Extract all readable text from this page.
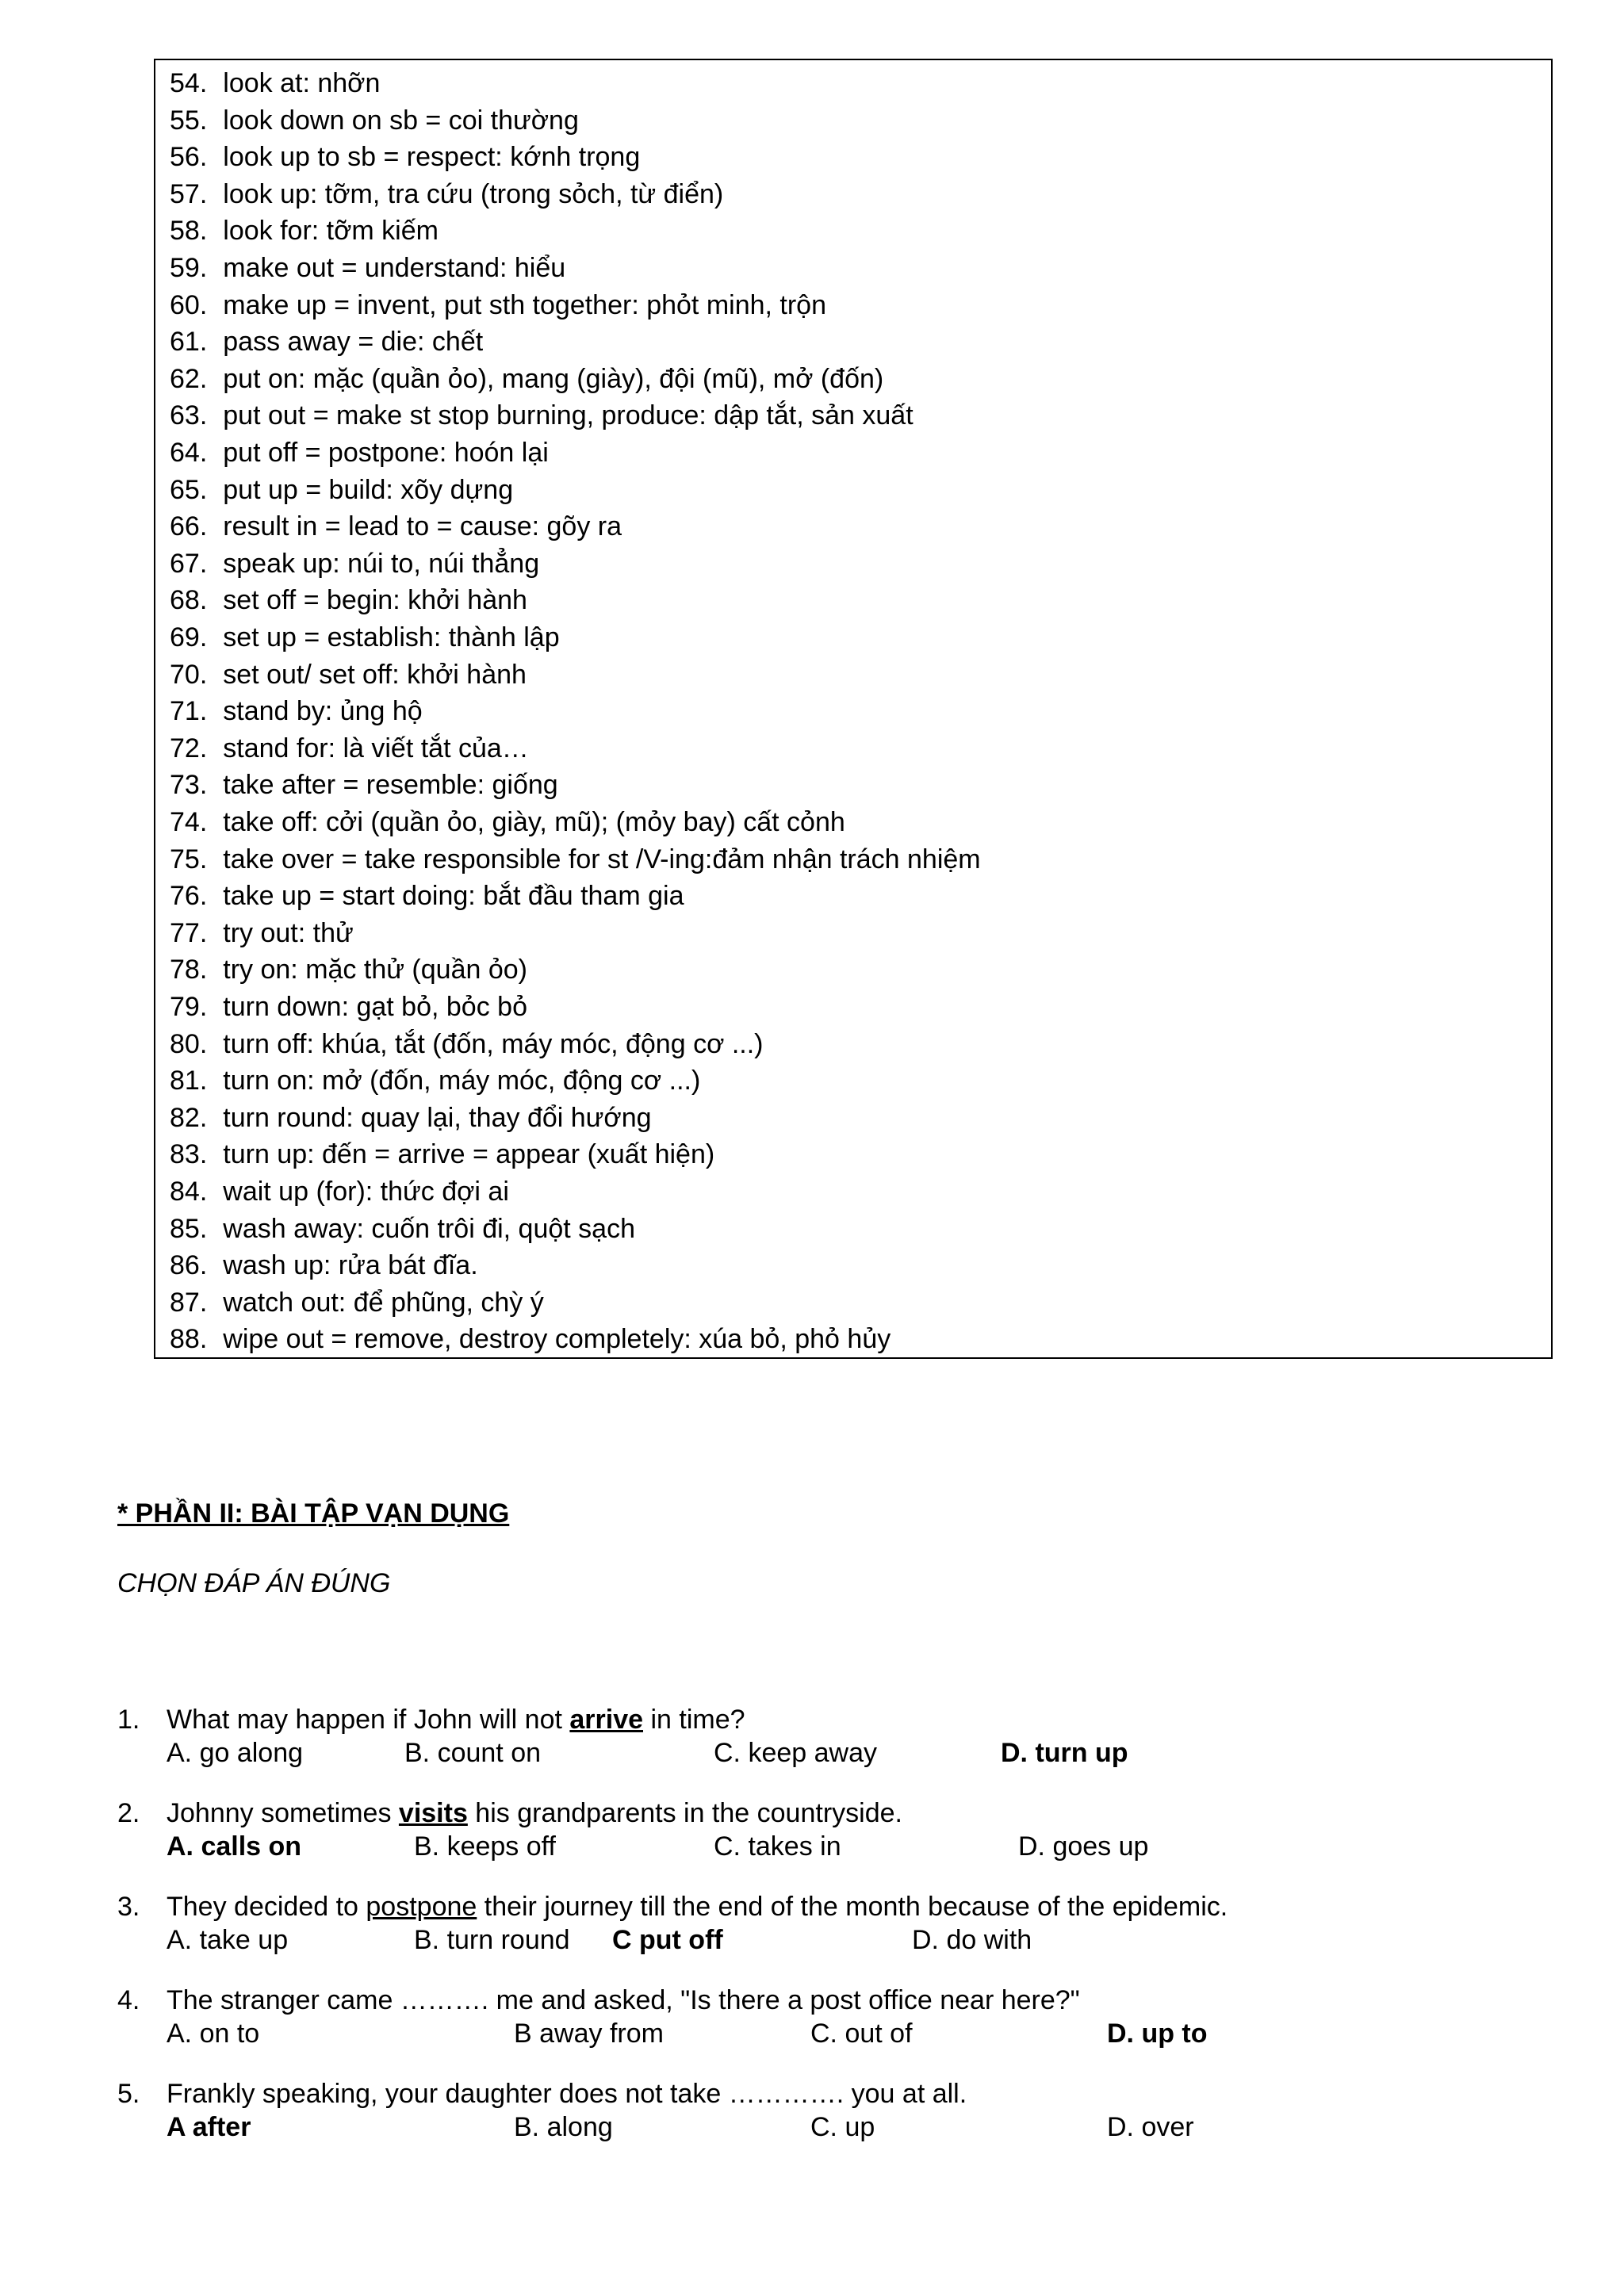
54. look at: nhỡn
55. look down on sb = coi thường
56. look up to sb = respect: kớnh trọng
57. look up: tỡm, tra cứu (trong sỏch, từ điển)
58. look for: tỡm kiếm
59. make out = understand: hiểu
60. make up = invent, put sth together: phỏt minh, trộn
61. pass away = die: chết
62. put on: mặc (quần ỏo), mang (giày), đội (mũ), mở (đốn)
63. put out = make st stop burning, produce: dập tắt, sản xuất
64. put off = postpone: hoón lại
65. put up = build: xõy dựng
66. result in = lead to = cause: gõy ra
67. speak up: núi to, núi thẳng
68. set off = begin: khởi hành
69. set up = establish: thành lập
70. set out/ set off: khởi hành
71. stand by: ủng hộ
72. stand for: là viết tắt của…
73. take after = resemble: giống
74. take off: cởi (quần ỏo, giày, mũ); (mỏy bay) cất cỏnh
75. take over = take responsible for st /V-ing:đảm nhận trách nhiệm
76. take up = start doing: bắt đầu tham gia
77. try out: thử
78. try on: mặc thử (quần ỏo)
79. turn down: gạt bỏ, bỏc bỏ
80. turn off: khúa, tắt (đốn, máy móc, động cơ ...)
81. turn on: mở (đốn, máy móc, động cơ ...)
82. turn round: quay lại, thay đổi hướng
83. turn up: đến = arrive = appear (xuất hiện)
84. wait up (for): thức đợi ai
85. wash away: cuốn trôi đi, quột sạch
86. wash up: rửa bát đĩa.
87. watch out: để phũng, chỳ ý
88. wipe out = remove, destroy completely: xúa bỏ, phỏ hủy
* PHẦN II: BÀI TẬP VẠN DỤNG
CHỌN ĐÁP ÁN ĐÚNG
1. What may happen if John will not arrive in time?
A. go along	B. count on	C. keep away	D. turn up
2. Johnny sometimes visits his grandparents in the countryside.
A. calls on	B. keeps off	C. takes in	D. goes up
3. They decided to postpone their journey till the end of the month because of the epidemic.
A. take up	B. turn round C put off	D. do with
4. The stranger came ………. me and asked, "Is there a post office near here?"
A. on to	B away from	C. out of	D. up to
5. Frankly speaking, your daughter does not take …………. you at all.
A after	B. along	C. up	D. over
